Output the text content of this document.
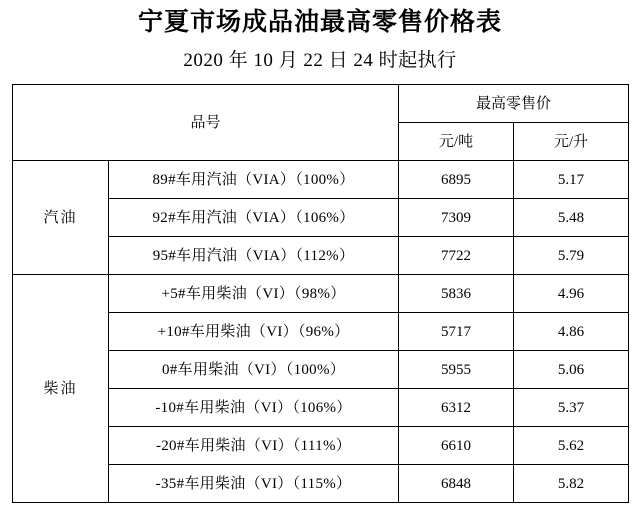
宁夏市场成品油最高零售价格表
2020 年 10 月 22 日 24 时起执行
品号		最高零售价	
		元/吨	元/升
汽油	89#车用汽油（VIA）（100%）	6895	5.17
	92#车用汽油（VIA）（106%）	7309	5.48
	95#车用汽油（VIA）（112%）	7722	5.79
柴油	+5#车用柴油（VI）（98%）	5836	4.96
	+10#车用柴油（VI）（96%）	5717	4.86
	0#车用柴油（VI）（100%）	5955	5.06
	-10#车用柴油（VI）（106%）	6312	5.37
	-20#车用柴油（VI）（111%）	6610	5.62
	-35#车用柴油（VI）（115%）	6848	5.82
